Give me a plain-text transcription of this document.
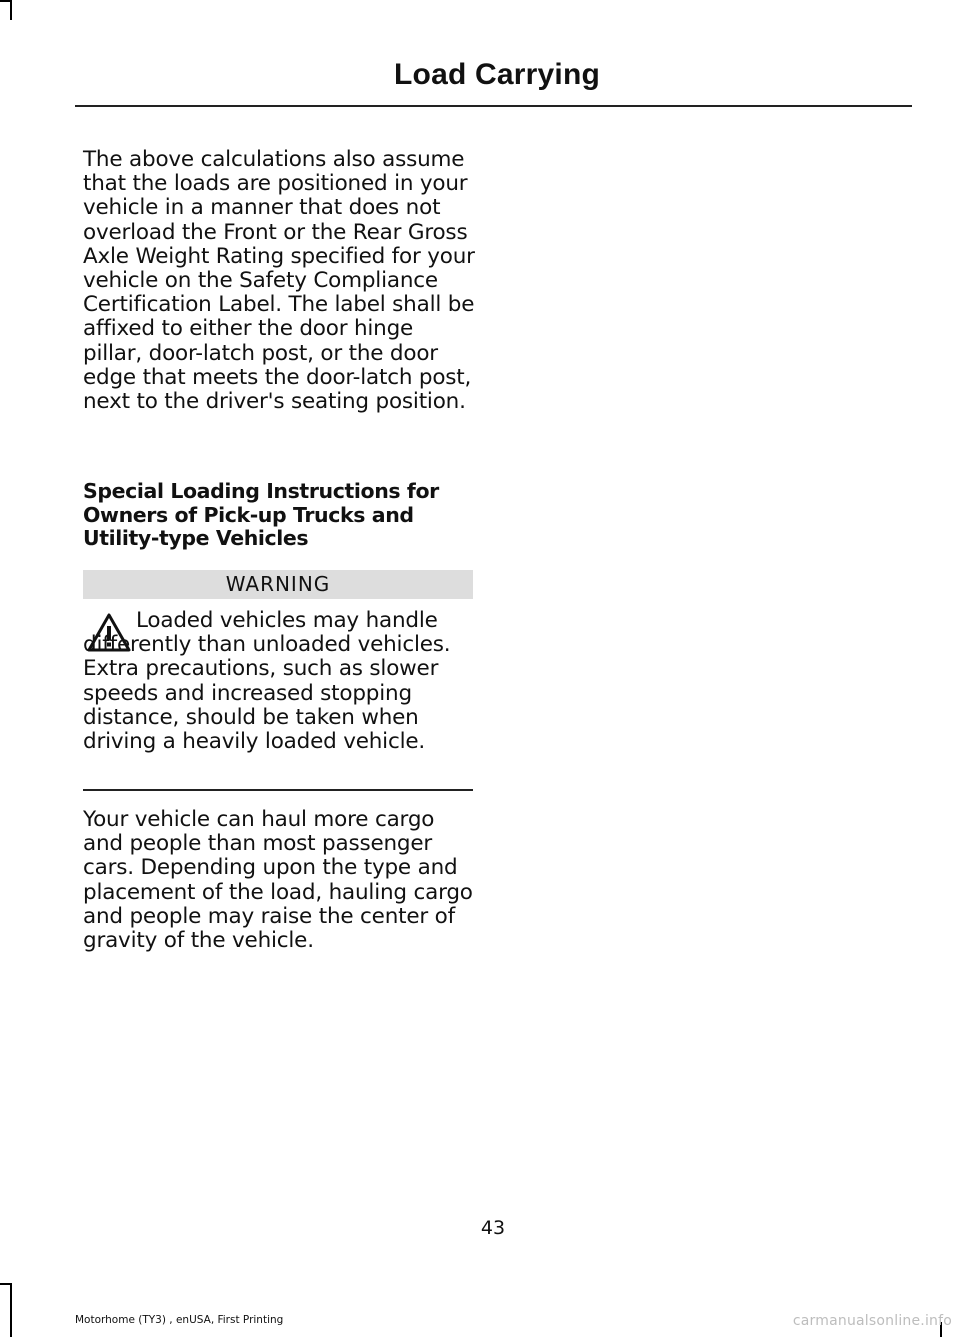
Load Carrying

The above calculations also assume that the loads are positioned in your vehicle in a manner that does not overload the Front or the Rear Gross Axle Weight Rating specified for your vehicle on the Safety Compliance Certification Label. The label shall be affixed to either the door hinge pillar, door-latch post, or the door edge that meets the door-latch post, next to the driver's seating position.

Special Loading Instructions for Owners of Pick-up Trucks and Utility-type Vehicles
WARNING

Loaded vehicles may handle differently than unloaded vehicles. Extra precautions, such as slower speeds and increased stopping distance, should be taken when driving a heavily loaded vehicle.

Your vehicle can haul more cargo and people than most passenger cars. Depending upon the type and placement of the load, hauling cargo and people may raise the center of gravity of the vehicle.

43
Motorhome (TY3) , enUSA, First Printing	carmanualsonline.info
